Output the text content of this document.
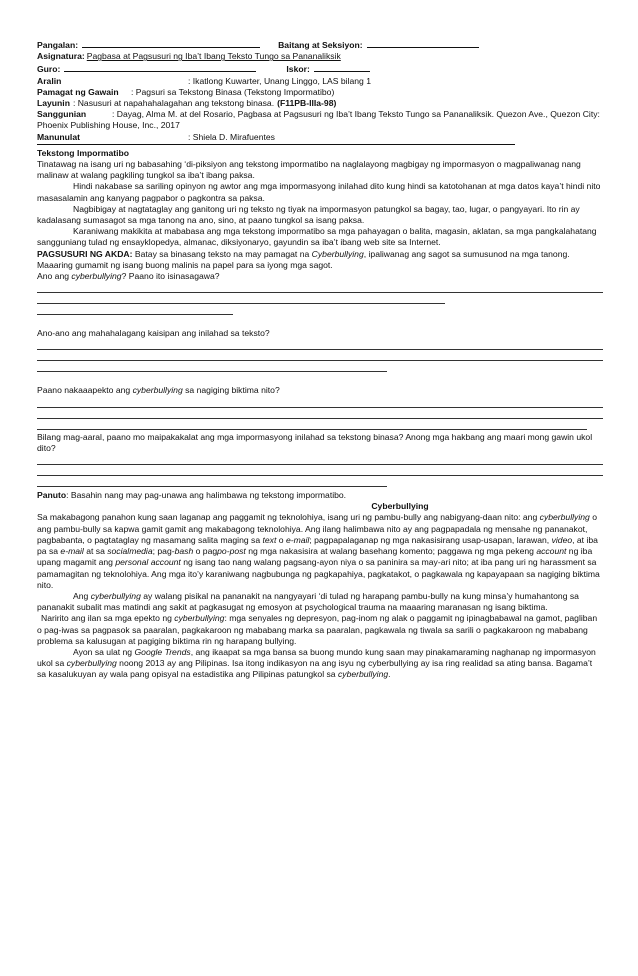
Pangalan :	Baitang at Seksiyon :
Asignatura : Pagbasa at Pagsusuri ng Iba’t Ibang Teksto Tungo sa Pananaliksik
Guro :	Iskor :
Aralin	: Ikatlong Kuwarter, Unang Linggo, LAS bilang 1
Pamagat ng Gawain	: Pagsuri sa Tekstong Binasa (Tekstong Impormatibo)
Layunin : Nasusuri at napahahalagahan ang tekstong binasa. (F11PB-IIIa-98)
Sanggunian	: Dayag, Alma M. at del Rosario, Pagbasa at Pagsusuri ng Iba’t Ibang Teksto Tungo sa Pananaliksik. Quezon Ave., Quezon City: Phoenix Publishing House, Inc., 2017
Manunulat	: Shiela D. Mirafuentes

Tekstong Impormatibo

Tinatawag na isang uri ng babasahing ‘di-piksiyon ang tekstong impormatibo na naglalayong magbigay ng impormasyon o magpaliwanag nang malinaw at walang pagkiling tungkol sa iba’t ibang paksa.

Hindi nakabase sa sariling opinyon ng awtor ang mga impormasyong inilahad dito kung hindi sa katotohanan at mga datos kaya’t hindi nito masasalamin ang kanyang pagpabor o pagkontra sa paksa.

Nagbibigay at nagtataglay ang ganitong uri ng teksto ng tiyak na impormasyon patungkol sa bagay, tao, lugar, o pangyayari. Ito rin ay kadalasang sumasagot sa mga tanong na ano, sino, at paano tungkol sa isang paksa.

Karaniwang makikita at mababasa ang mga tekstong impormatibo sa mga pahayagan o balita, magasin, aklatan, sa mga pangkalahatang sangguniang tulad ng ensayklopedya, almanac, diksiyonaryo, gayundin sa iba’t ibang web site sa Internet.

PAGSUSURI NG AKDA: Batay sa binasang teksto na may pamagat na Cyberbullying, ipaliwanag ang sagot sa sumusunod na mga tanong.

Maaaring gumamit ng isang buong malinis na papel para sa iyong mga sagot.

Ano ang cyberbullying? Paano ito isinasagawa?

Ano-ano ang mahahalagang kaisipan ang inilahad sa teksto?

Paano nakaaapekto ang cyberbullying sa nagiging biktima nito?

Bilang mag-aaral, paano mo maipakakalat ang mga impormasyong inilahad sa tekstong binasa? Anong mga hakbang ang maari mong gawin ukol dito?

Panuto: Basahin nang may pag-unawa ang halimbawa ng tekstong impormatibo.

Cyberbullying

Sa makabagong panahon kung saan laganap ang paggamit ng teknolohiya, isang uri ng pambu-bully ang nabigyang-daan nito: ang cyberbullying o ang pambu-bully sa kapwa gamit gamit ang makabagong teknolohiya. Ang ilang halimbawa nito ay ang pagpapadala ng mensahe ng pananakot, pagbabanta, o pagtataglay ng masamang salita maging sa text o e-mail; pagpapalaganap ng mga nakasisirang usap-usapan, larawan, video, at iba pa sa e-mail at sa socialmedia; pag-bash o pagpo-post ng mga nakasisira at walang basehang komento; paggawa ng mga pekeng account ng iba upang magamit ang personal account ng isang tao nang walang pagsang-ayon niya o sa paninira sa may-ari nito; at iba pang uri ng harassment sa pamamagitan ng teknolohiya. Ang mga ito’y karaniwang nagbubunga ng pagkapahiya, pagkatakot, o pagkawala ng kapayapaan sa nagiging biktima nito.

Ang cyberbullying ay walang pisikal na pananakit na nangyayari ‘di tulad ng harapang pambu-bully na kung minsa’y humahantong sa pananakit subalit mas matindi ang sakit at pagkasugat ng emosyon at psychological trauma na maaaring maranasan ng isang biktima.

Naririto ang ilan sa mga epekto ng cyberbullying: mga senyales ng depresyon, pag-inom ng alak o paggamit ng ipinagbabawal na gamot, pagliban o pag-iwas sa pagpasok sa paaralan, pagkakaroon ng mababang marka sa paaralan, pagkawala ng tiwala sa sarili o pagkakaroon ng mababang problema sa kalusugan at pagiging biktima rin ng harapang bullying.

Ayon sa ulat ng Google Trends, ang ikaapat sa mga bansa sa buong mundo kung saan may pinakamaraming naghanap ng impormasyon ukol sa cyberbullying noong 2013 ay ang Pilipinas. Isa itong indikasyon na ang isyu ng cyberbullying ay isa ring realidad sa ating bansa. Bagama’t sa kasalukuyan ay wala pang opisyal na estadistika ang Pilipinas patungkol sa cyberbullying.
